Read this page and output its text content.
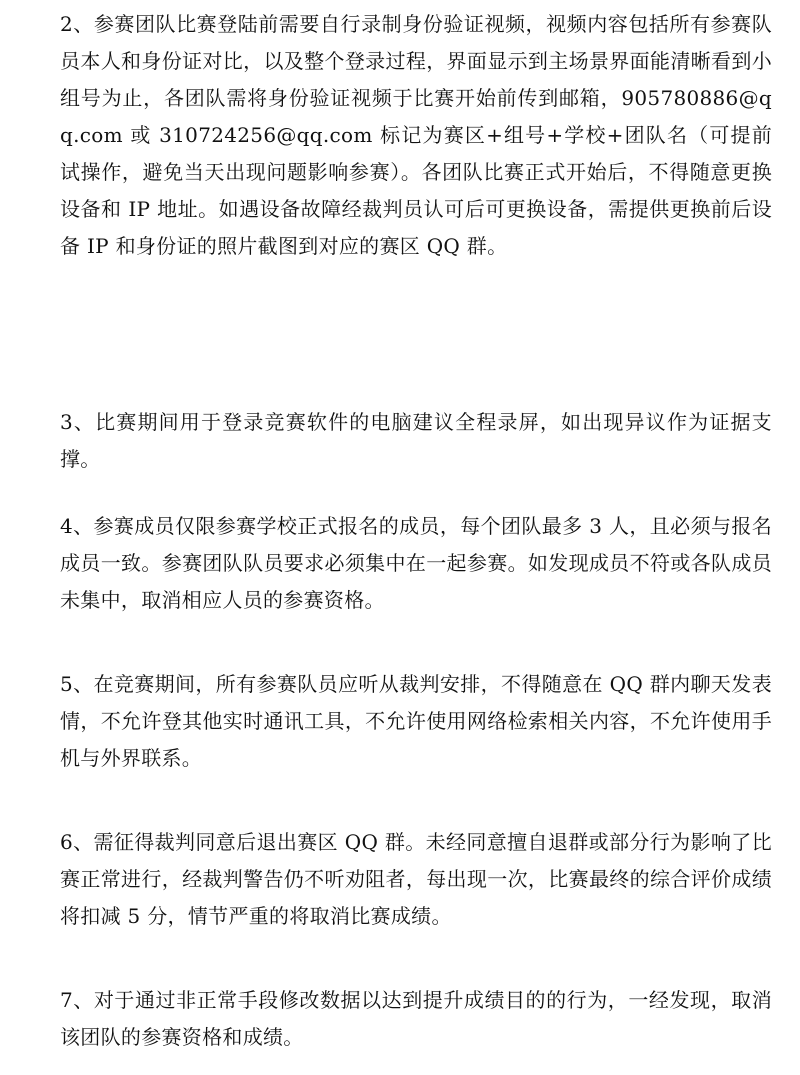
2、参赛团队比赛登陆前需要自行录制身份验证视频，视频内容包括所有参赛队员本人和身份证对比，以及整个登录过程，界面显示到主场景界面能清晰看到小组号为止，各团队需将身份验证视频于比赛开始前传到邮箱，905780886@qq.com 或 310724256@qq.com 标记为赛区+组号+学校+团队名（可提前试操作，避免当天出现问题影响参赛）。各团队比赛正式开始后，不得随意更换设备和 IP 地址。如遇设备故障经裁判员认可后可更换设备，需提供更换前后设备 IP 和身份证的照片截图到对应的赛区 QQ 群。

3、比赛期间用于登录竞赛软件的电脑建议全程录屏，如出现异议作为证据支撑。

4、参赛成员仅限参赛学校正式报名的成员，每个团队最多 3 人，且必须与报名成员一致。参赛团队队员要求必须集中在一起参赛。如发现成员不符或各队成员未集中，取消相应人员的参赛资格。

5、在竞赛期间，所有参赛队员应听从裁判安排，不得随意在 QQ 群内聊天发表情，不允许登其他实时通讯工具，不允许使用网络检索相关内容，不允许使用手机与外界联系。

6、需征得裁判同意后退出赛区 QQ 群。未经同意擅自退群或部分行为影响了比赛正常进行，经裁判警告仍不听劝阻者，每出现一次，比赛最终的综合评价成绩将扣减 5 分，情节严重的将取消比赛成绩。

7、对于通过非正常手段修改数据以达到提升成绩目的的行为，一经发现，取消该团队的参赛资格和成绩。
